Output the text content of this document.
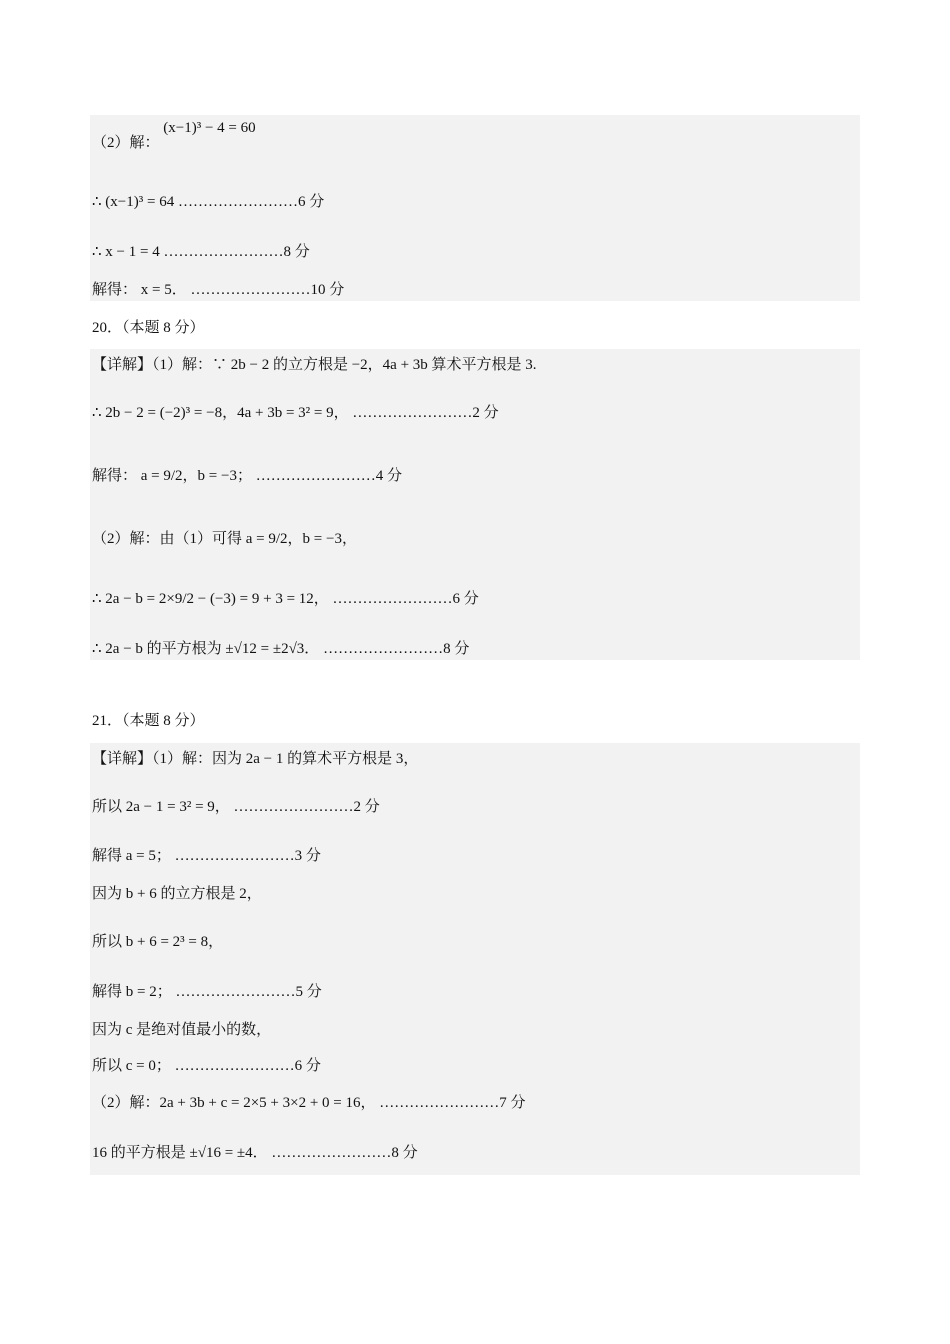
（2）解： (x−1)³ − 4 = 60
∴ (x−1)³ = 64 ……………………6 分
∴ x − 1 = 4 ……………………8 分
解得： x = 5． ……………………10 分
20．（本题 8 分）
【详解】（1）解：∵ 2b − 2 的立方根是 −2，4a + 3b 算术平方根是 3.
∴ 2b − 2 = (−2)³ = −8，4a + 3b = 3² = 9， ……………………2 分
解得： a = 9/2，b = −3； ……………………4 分
（2）解：由（1）可得 a = 9/2，b = −3，
∴ 2a − b = 2×9/2 − (−3) = 9 + 3 = 12， ……………………6 分
∴ 2a − b 的平方根为 ±√12 = ±2√3． ……………………8 分
21．（本题 8 分）
【详解】（1）解：因为 2a − 1 的算术平方根是 3，
所以 2a − 1 = 3² = 9， ……………………2 分
解得 a = 5； ……………………3 分
因为 b + 6 的立方根是 2，
所以 b + 6 = 2³ = 8，
解得 b = 2； ……………………5 分
因为 c 是绝对值最小的数，
所以 c = 0； ……………………6 分
（2）解：2a + 3b + c = 2×5 + 3×2 + 0 = 16， ……………………7 分
16 的平方根是 ±√16 = ±4． ……………………8 分
